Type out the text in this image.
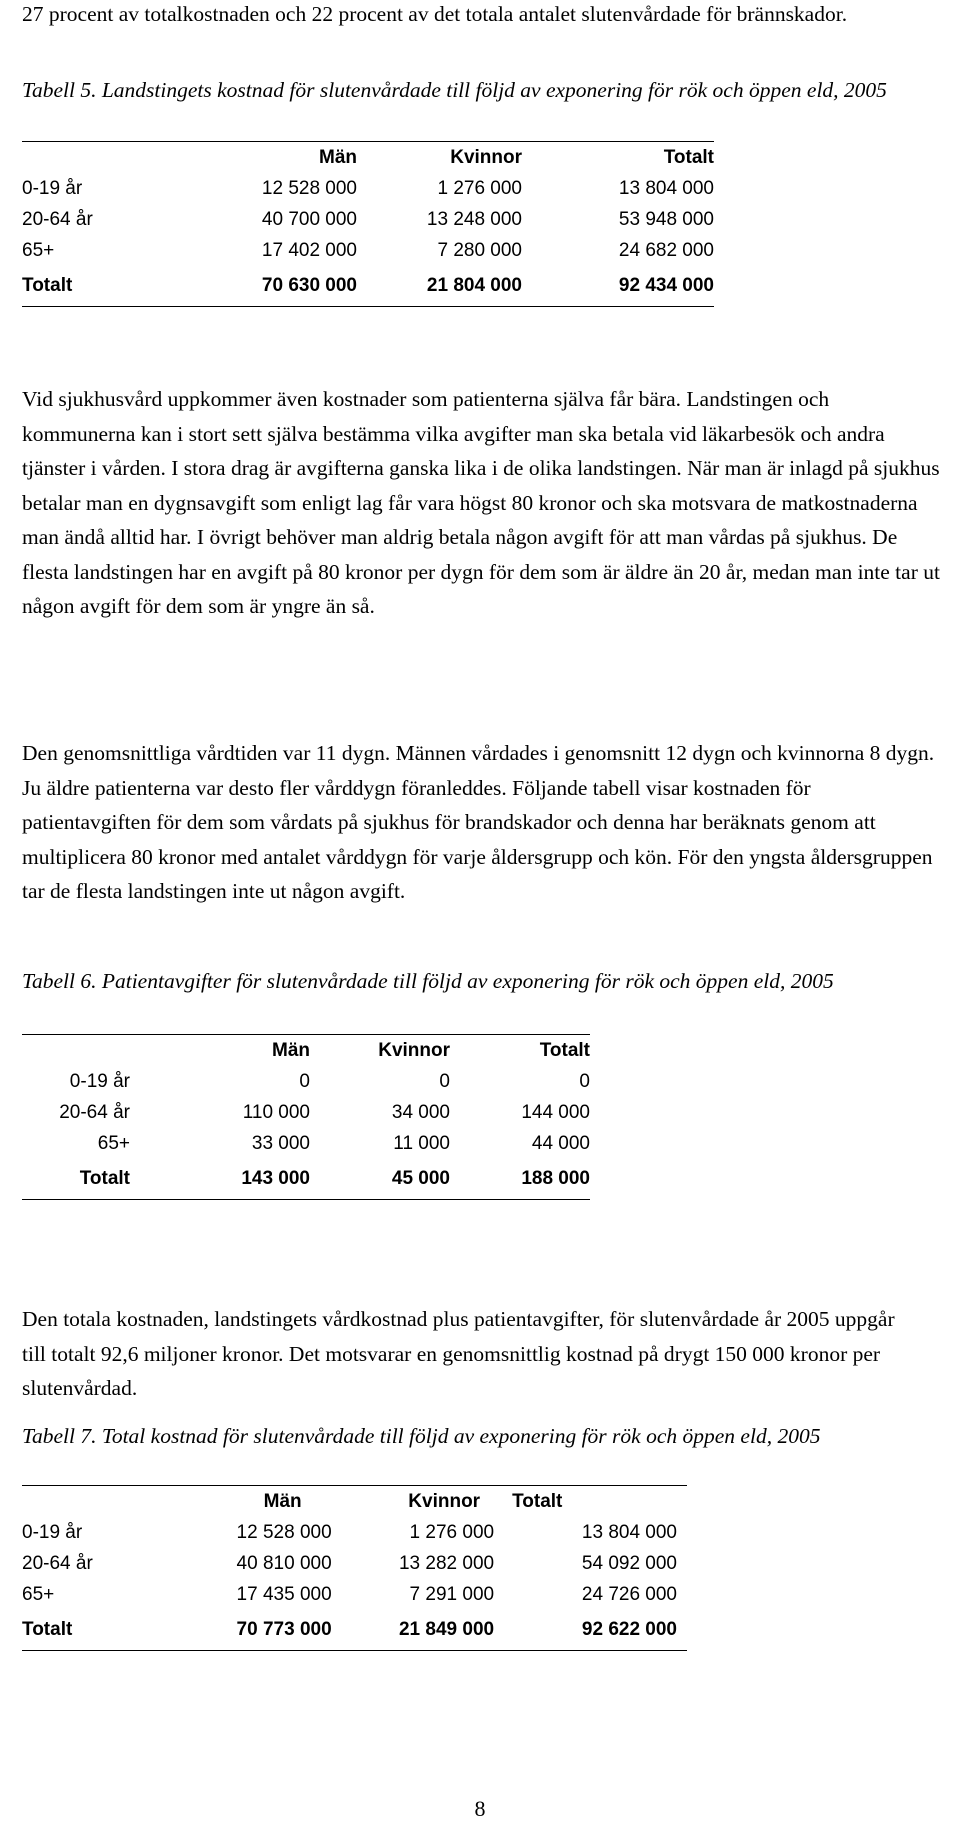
27 procent av totalkostnaden och 22 procent av det totala antalet slutenvårdade för brännskador.

Tabell 5. Landstingets kostnad för slutenvårdade till följd av exponering för rök och öppen eld, 2005

	Män	Kvinnor	Totalt
0-19 år	12 528 000	1 276 000	13 804 000
20-64 år	40 700 000	13 248 000	53 948 000
65+	17 402 000	7 280 000	24 682 000
Totalt	70 630 000	21 804 000	92 434 000

Vid sjukhusvård uppkommer även kostnader som patienterna själva får bära. Landstingen och kommunerna kan i stort sett själva bestämma vilka avgifter man ska betala vid läkarbesök och andra tjänster i vården. I stora drag är avgifterna ganska lika i de olika landstingen. När man är inlagd på sjukhus betalar man en dygnsavgift som enligt lag får vara högst 80 kronor och ska motsvara de matkostnaderna man ändå alltid har. I övrigt behöver man aldrig betala någon avgift för att man vårdas på sjukhus. De flesta landstingen har en avgift på 80 kronor per dygn för dem som är äldre än 20 år, medan man inte tar ut någon avgift för dem som är yngre än så.

Den genomsnittliga vårdtiden var 11 dygn. Männen vårdades i genomsnitt 12 dygn och kvinnorna 8 dygn. Ju äldre patienterna var desto fler vårddygn föranleddes. Följande tabell visar kostnaden för patientavgiften för dem som vårdats på sjukhus för brandskador och denna har beräknats genom att multiplicera 80 kronor med antalet vårddygn för varje åldersgrupp och kön. För den yngsta åldersgruppen tar de flesta landstingen inte ut någon avgift.

Tabell 6. Patientavgifter för slutenvårdade till följd av exponering för rök och öppen eld, 2005

	Män	Kvinnor	Totalt
0-19 år	0	0	0
20-64 år	110 000	34 000	144 000
65+	33 000	11 000	44 000
Totalt	143 000	45 000	188 000

Den totala kostnaden, landstingets vårdkostnad plus patientavgifter, för slutenvårdade år 2005 uppgår till totalt 92,6 miljoner kronor. Det motsvarar en genomsnittlig kostnad på drygt 150 000 kronor per slutenvårdad.

Tabell 7. Total kostnad för slutenvårdade till följd av exponering för rök och öppen eld, 2005

	Män	Kvinnor	Totalt
0-19 år	12 528 000	1 276 000	13 804 000
20-64 år	40 810 000	13 282 000	54 092 000
65+	17 435 000	7 291 000	24 726 000
Totalt	70 773 000	21 849 000	92 622 000
8
